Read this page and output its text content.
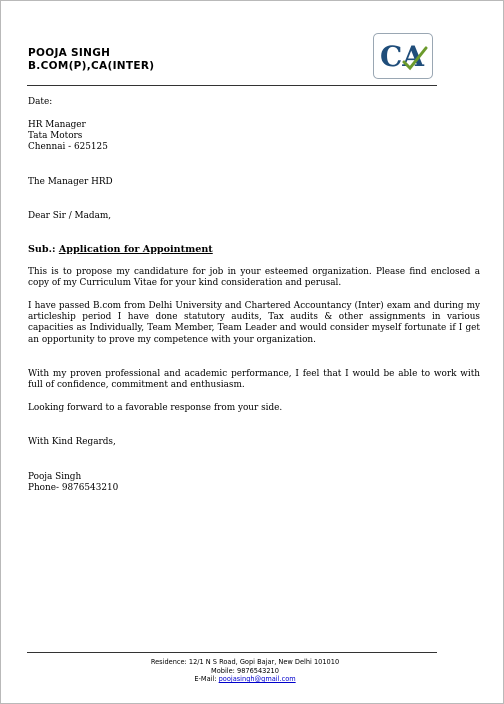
POOJA SINGH
B.COM(P),CA(INTER)	CA
Date:
HR Manager
Tata Motors
Chennai - 625125
The Manager HRD
Dear Sir / Madam,
Sub.: Application for Appointment
This is to propose my candidature for job in your esteemed organization. Please find enclosed a copy of my Curriculum Vitae for your kind consideration and perusal.
I have passed B.com from Delhi University and Chartered Accountancy (Inter) exam and during my articleship period I have done statutory audits, Tax audits & other assignments in various capacities as Individually, Team Member, Team Leader and would consider myself fortunate if I get an opportunity to prove my competence with your organization.
With my proven professional and academic performance, I feel that I would be able to work with full of confidence, commitment and enthusiasm.
Looking forward to a favorable response from your side.
With Kind Regards,
Pooja Singh
Phone- 9876543210
Residence: 12/1 N S Road, Gopi Bajar, New Delhi 101010
Mobile: 9876543210
E-Mail: poojasingh@gmail.com
